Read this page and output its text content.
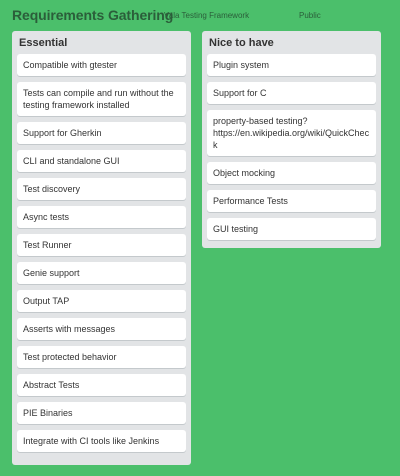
Requirements Gathering
Vala Testing Framework	Public
Essential
Compatible with gtester
Tests can compile and run without the testing framework installed
Support for Gherkin
CLI and standalone GUI
Test discovery
Async tests
Test Runner
Genie support
Output TAP
Asserts with messages
Test protected behavior
Abstract Tests
PIE Binaries
Integrate with CI tools like Jenkins
Nice to have
Plugin system
Support for C
property-based testing? https://en.wikipedia.org/wiki/QuickCheck
Object mocking
Performance Tests
GUI testing
